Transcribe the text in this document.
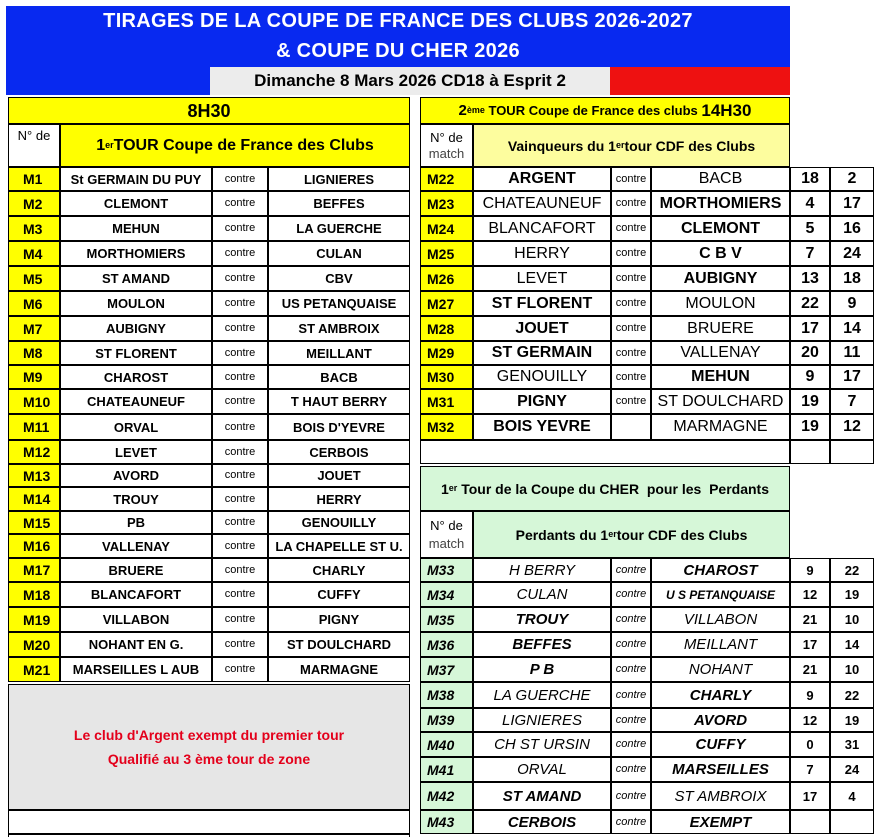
TIRAGES DE LA COUPE DE FRANCE DES CLUBS 2026-2027
& COUPE DU CHER 2026
Dimanche 8 Mars 2026 CD18 à Esprit 2
8H30
N° de
1 er TOUR Coupe de France des Clubs
M1	St GERMAIN DU PUY	contre	LIGNIERES
M2	CLEMONT	contre	BEFFES
M3	MEHUN	contre	LA GUERCHE
M4	MORTHOMIERS	contre	CULAN
M5	ST AMAND	contre	CBV
M6	MOULON	contre	US PETANQUAISE
M7	AUBIGNY	contre	ST AMBROIX
M8	ST FLORENT	contre	MEILLANT
M9	CHAROST	contre	BACB
M10	CHATEAUNEUF	contre	T HAUT BERRY
M11	ORVAL	contre	BOIS D'YEVRE
M12	LEVET	contre	CERBOIS
M13	AVORD	contre	JOUET
M14	TROUY	contre	HERRY
M15	PB	contre	GENOUILLY
M16	VALLENAY	contre	LA CHAPELLE ST U.
M17	BRUERE	contre	CHARLY
M18	BLANCAFORT	contre	CUFFY
M19	VILLABON	contre	PIGNY
M20	NOHANT EN G.	contre	ST DOULCHARD
M21	MARSEILLES L AUB	contre	MARMAGNE
Le club d'Argent exempt du premier tour
Qualifié au 3 ème tour de zone
2 ème TOUR Coupe de France des clubs 14H30
N° de
match	Vainqueurs du 1 er tour CDF des Clubs
M22	ARGENT	contre	BACB	18	2
M23	CHATEAUNEUF	contre MORTHOMIERS	4	17
M24	BLANCAFORT	contre	CLEMONT	5	16
M25	HERRY	contre	C B V	7	24
M26	LEVET	contre	AUBIGNY	13	18
M27	ST FLORENT	contre	MOULON	22	9
M28	JOUET	contre	BRUERE	17	14
M29	ST GERMAIN	contre	VALLENAY	20	11
M30	GENOUILLY	contre	MEHUN	9	17
M31	PIGNY	contre ST DOULCHARD	19	7
M32	BOIS YEVRE	MARMAGNE	19	12
1 er Tour de la Coupe du CHER  pour les  Perdants
N° de
match
Perdants du 1 er tour CDF des Clubs
M33	H BERRY	contre	CHAROST	9	22
M34	CULAN	contre	U S PETANQUAISE	12	19
M35	TROUY	contre	VILLABON	21	10
M36	BEFFES	contre	MEILLANT	17	14
M37	P B	contre	NOHANT	21	10
M38	LA GUERCHE	contre	CHARLY	9	22
M39	LIGNIERES	contre	AVORD	12	19
M40	CH ST URSIN	contre	CUFFY	0	31
M41	ORVAL	contre	MARSEILLES	7	24
M42	ST AMAND	contre	ST AMBROIX	17	4
M43	CERBOIS	contre	EXEMPT
